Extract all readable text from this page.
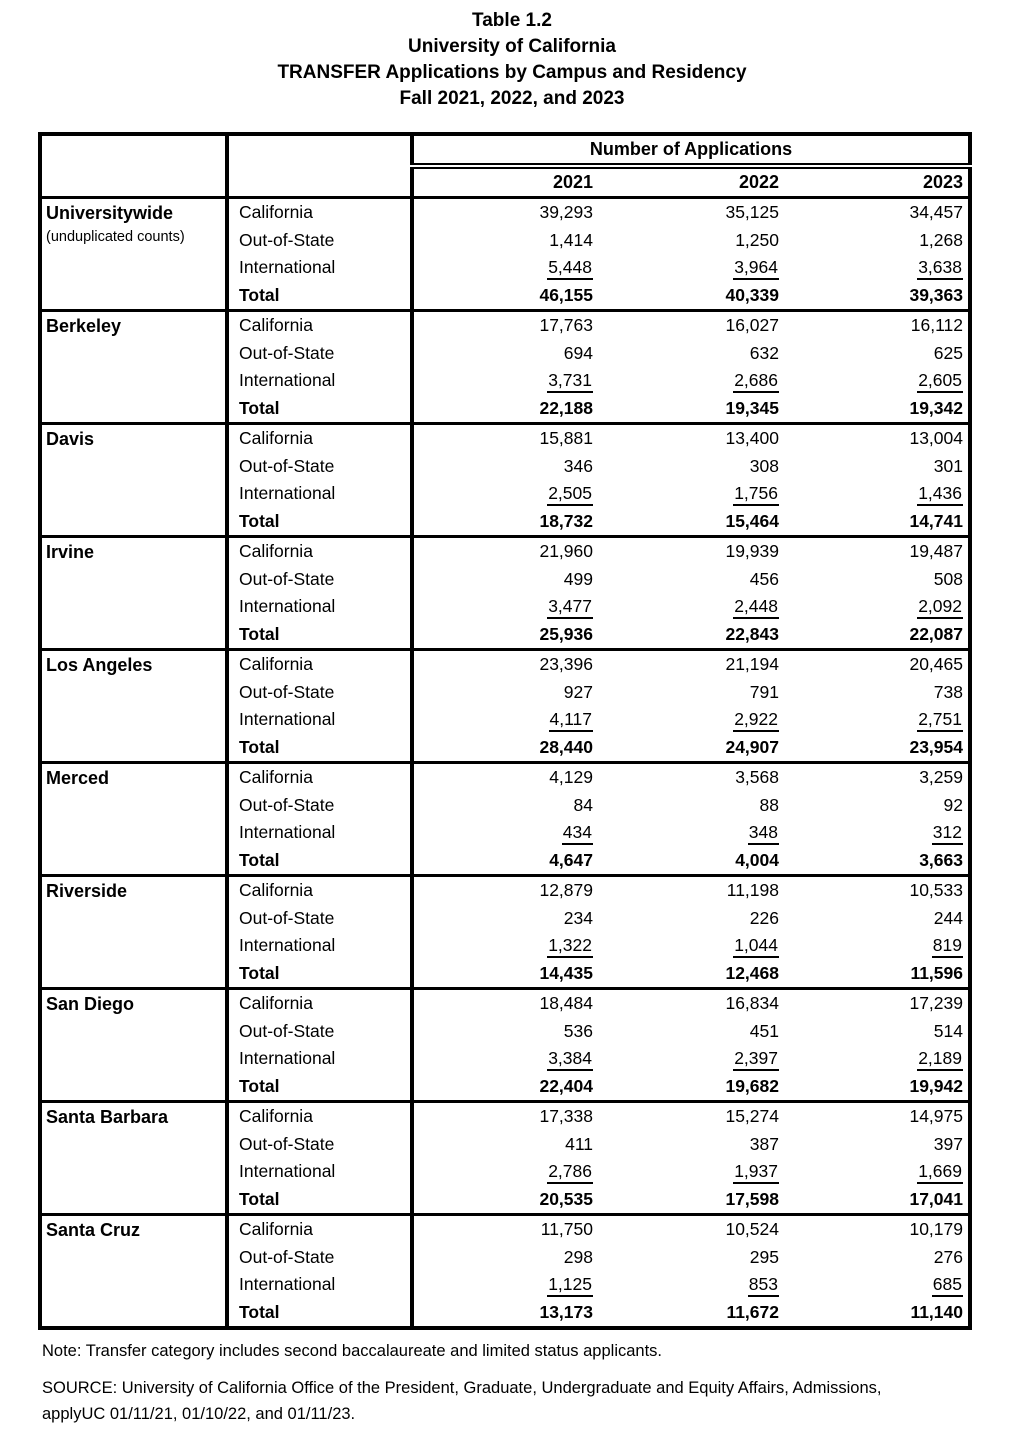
Table 1.2
University of California
TRANSFER Applications by Campus and Residency
Fall 2021, 2022, and 2023
		Number of Applications		
		2021	2022	2023

Universitywide
(unduplicated counts)	California	39,293	35,125	34,457
	Out-of-State	1,414	1,250	1,268
	International	5,448	3,964	3,638
	Total	46,155	40,339	39,363

Berkeley	California	17,763	16,027	16,112
	Out-of-State	694	632	625
	International	3,731	2,686	2,605
	Total	22,188	19,345	19,342

Davis	California	15,881	13,400	13,004
	Out-of-State	346	308	301
	International	2,505	1,756	1,436
	Total	18,732	15,464	14,741

Irvine	California	21,960	19,939	19,487
	Out-of-State	499	456	508
	International	3,477	2,448	2,092
	Total	25,936	22,843	22,087

Los Angeles	California	23,396	21,194	20,465
	Out-of-State	927	791	738
	International	4,117	2,922	2,751
	Total	28,440	24,907	23,954

Merced	California	4,129	3,568	3,259
	Out-of-State	84	88	92
	International	434	348	312
	Total	4,647	4,004	3,663

Riverside	California	12,879	11,198	10,533
	Out-of-State	234	226	244
	International	1,322	1,044	819
	Total	14,435	12,468	11,596

San Diego	California	18,484	16,834	17,239
	Out-of-State	536	451	514
	International	3,384	2,397	2,189
	Total	22,404	19,682	19,942

Santa Barbara	California	17,338	15,274	14,975
	Out-of-State	411	387	397
	International	2,786	1,937	1,669
	Total	20,535	17,598	17,041

Santa Cruz	California	11,750	10,524	10,179
	Out-of-State	298	295	276
	International	1,125	853	685
	Total	13,173	11,672	11,140
Note: Transfer category includes second baccalaureate and limited status applicants.
SOURCE: University of California Office of the President, Graduate, Undergraduate and Equity Affairs, Admissions,
applyUC 01/11/21, 01/10/22, and 01/11/23.
